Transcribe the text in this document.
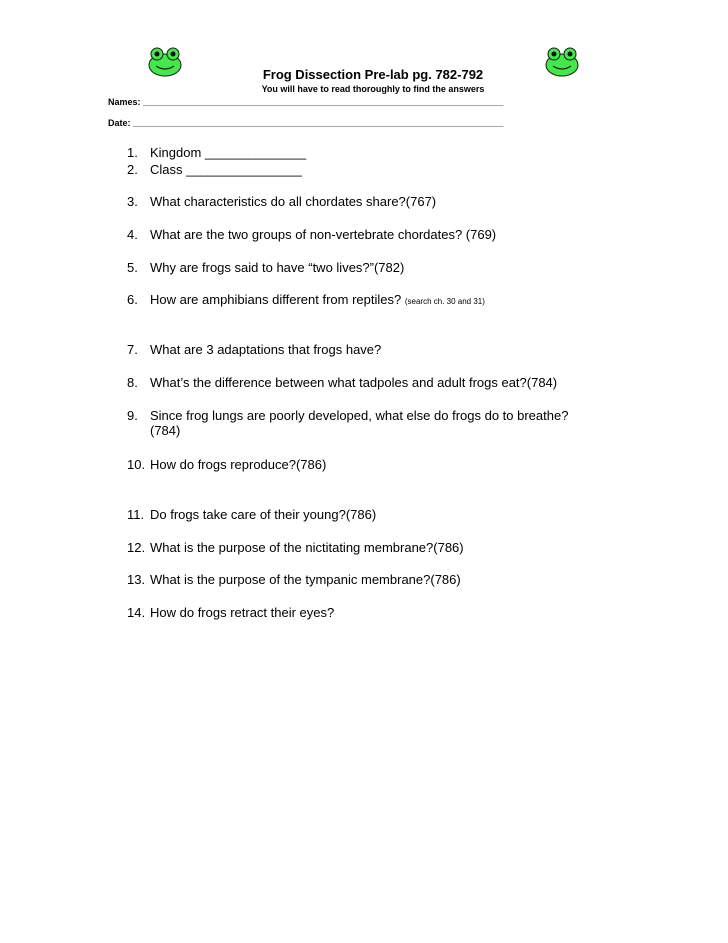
Frog Dissection Pre-lab pg. 782-792
You will have to read thoroughly to find the answers
Names: ________________________________________________________________________
Date: __________________________________________________________________________
1. Kingdom ______________
2. Class ________________
3. What characteristics do all chordates share?(767)
4. What are the two groups of non-vertebrate chordates? (769)
5. Why are frogs said to have “two lives?”(782)
6. How are amphibians different from reptiles? (search ch. 30 and 31)
7. What are 3 adaptations that frogs have?
8. What’s the difference between what tadpoles and adult frogs eat?(784)
9. Since frog lungs are poorly developed, what else do frogs do to breathe?
(784)
10. How do frogs reproduce?(786)
11. Do frogs take care of their young?(786)
12. What is the purpose of the nictitating membrane?(786)
13. What is the purpose of the tympanic membrane?(786)
14. How do frogs retract their eyes?
